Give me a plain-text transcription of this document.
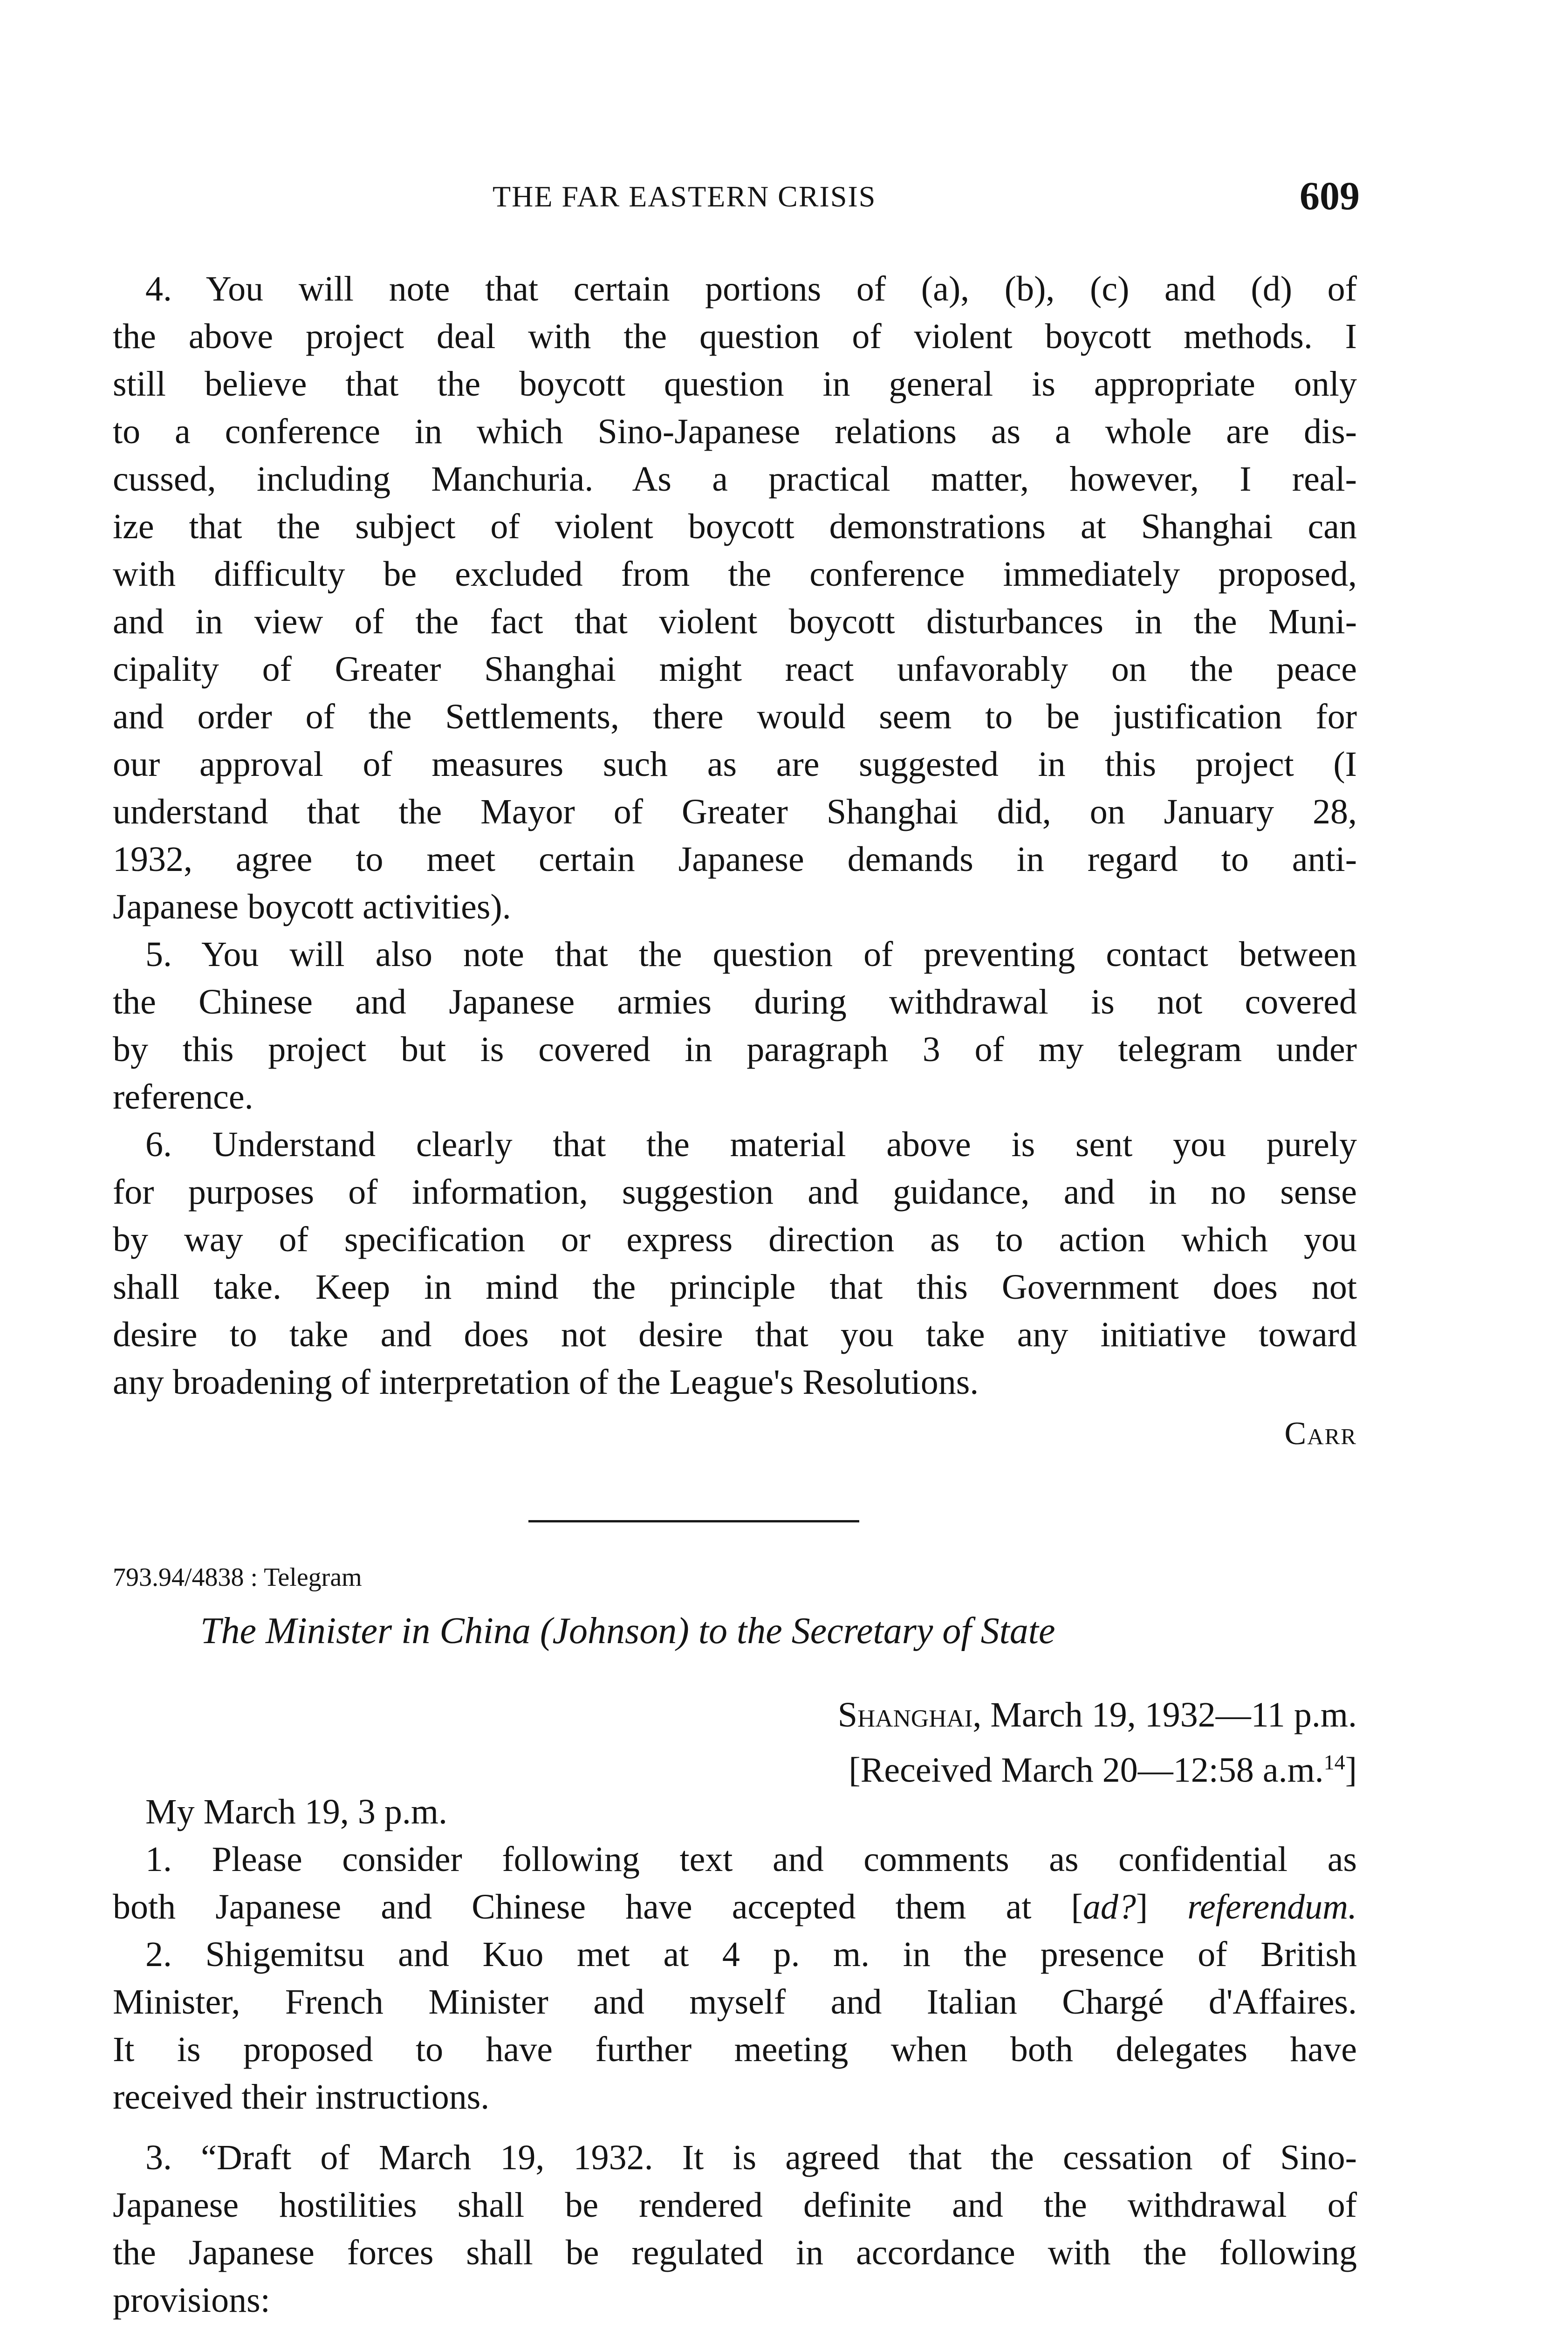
THE FAR EASTERN CRISIS	609
4. You will note that certain portions of (a), (b), (c) and (d) of
the above project deal with the question of violent boycott methods. I
still believe that the boycott question in general is appropriate only
to a conference in which Sino-Japanese relations as a whole are dis-
cussed, including Manchuria. As a practical matter, however, I real-
ize that the subject of violent boycott demonstrations at Shanghai can
with difficulty be excluded from the conference immediately proposed,
and in view of the fact that violent boycott disturbances in the Muni-
cipality of Greater Shanghai might react unfavorably on the peace
and order of the Settlements, there would seem to be justification for
our approval of measures such as are suggested in this project (I
understand that the Mayor of Greater Shanghai did, on January 28,
1932, agree to meet certain Japanese demands in regard to anti-
Japanese boycott activities).
5. You will also note that the question of preventing contact between
the Chinese and Japanese armies during withdrawal is not covered
by this project but is covered in paragraph 3 of my telegram under
reference.
6. Understand clearly that the material above is sent you purely
for purposes of information, suggestion and guidance, and in no sense
by way of specification or express direction as to action which you
shall take. Keep in mind the principle that this Government does not
desire to take and does not desire that you take any initiative toward
any broadening of interpretation of the League's Resolutions.
Carr
793.94/4838 : Telegram
The Minister in China (Johnson) to the Secretary of State
Shanghai, March 19, 1932—11 p.m.
[Received March 20—12:58 a.m.$^{14}$]
My March 19, 3 p.m.
1. Please consider following text and comments as confidential as
both Japanese and Chinese have accepted them at [ad?] referendum.
2. Shigemitsu and Kuo met at 4 p. m. in the presence of British
Minister, French Minister and myself and Italian Chargé d'Affaires.
It is proposed to have further meeting when both delegates have
received their instructions.
3. “Draft of March 19, 1932. It is agreed that the cessation of Sino-
Japanese hostilities shall be rendered definite and the withdrawal of
the Japanese forces shall be regulated in accordance with the following
provisions:
